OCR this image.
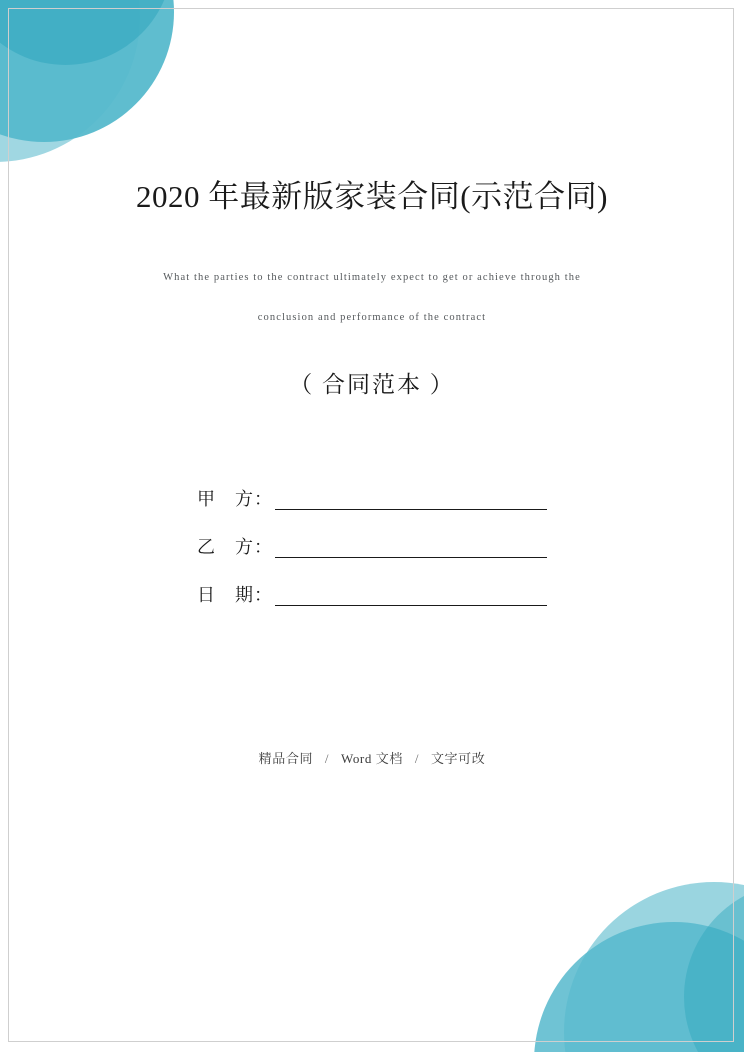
2020 年最新版家装合同(示范合同)

What the parties to the contract ultimately expect to get or achieve through the
conclusion and performance of the contract

（ 合同范本 ）

甲　方：
乙　方：
日　期：
精品合同 / Word 文档 / 文字可改
